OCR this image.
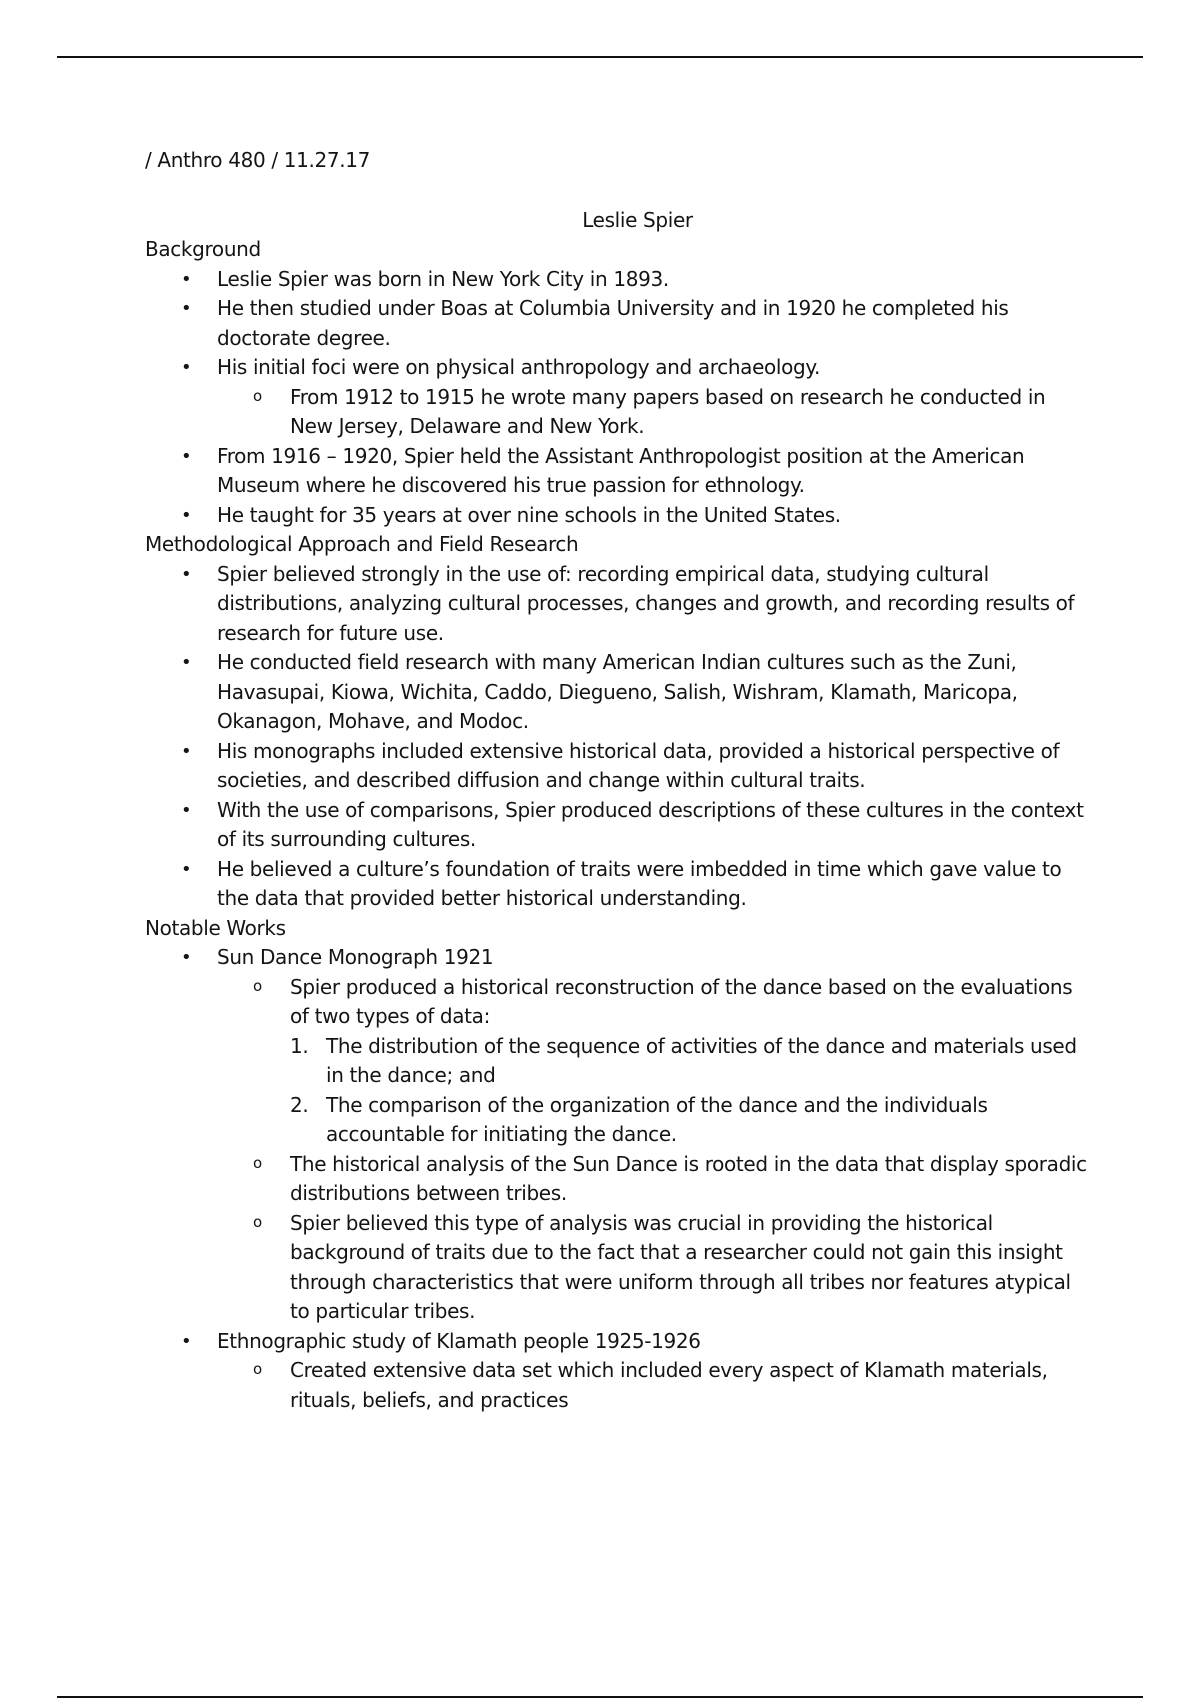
/ Anthro 480 / 11.27.17

Leslie Spier

Background

• Leslie Spier was born in New York City in 1893.
• He then studied under Boas at Columbia University and in 1920 he completed his doctorate degree.
• His initial foci were on physical anthropology and archaeology.
o From 1912 to 1915 he wrote many papers based on research he conducted in New Jersey, Delaware and New York.
• From 1916 – 1920, Spier held the Assistant Anthropologist position at the American Museum where he discovered his true passion for ethnology.
• He taught for 35 years at over nine schools in the United States.

Methodological Approach and Field Research

• Spier believed strongly in the use of: recording empirical data, studying cultural distributions, analyzing cultural processes, changes and growth, and recording results of research for future use.
• He conducted field research with many American Indian cultures such as the Zuni, Havasupai, Kiowa, Wichita, Caddo, Diegueno, Salish, Wishram, Klamath, Maricopa, Okanagon, Mohave, and Modoc.
• His monographs included extensive historical data, provided a historical perspective of societies, and described diffusion and change within cultural traits.
• With the use of comparisons, Spier produced descriptions of these cultures in the context of its surrounding cultures.
• He believed a culture’s foundation of traits were imbedded in time which gave value to the data that provided better historical understanding.

Notable Works

• Sun Dance Monograph 1921
o Spier produced a historical reconstruction of the dance based on the evaluations of two types of data:
The distribution of the sequence of activities of the dance and materials used in the dance; and
The comparison of the organization of the dance and the individuals accountable for initiating the dance.
o The historical analysis of the Sun Dance is rooted in the data that display sporadic distributions between tribes.
o Spier believed this type of analysis was crucial in providing the historical background of traits due to the fact that a researcher could not gain this insight through characteristics that were uniform through all tribes nor features atypical to particular tribes.
• Ethnographic study of Klamath people 1925-1926
o Created extensive data set which included every aspect of Klamath materials, rituals, beliefs, and practices
